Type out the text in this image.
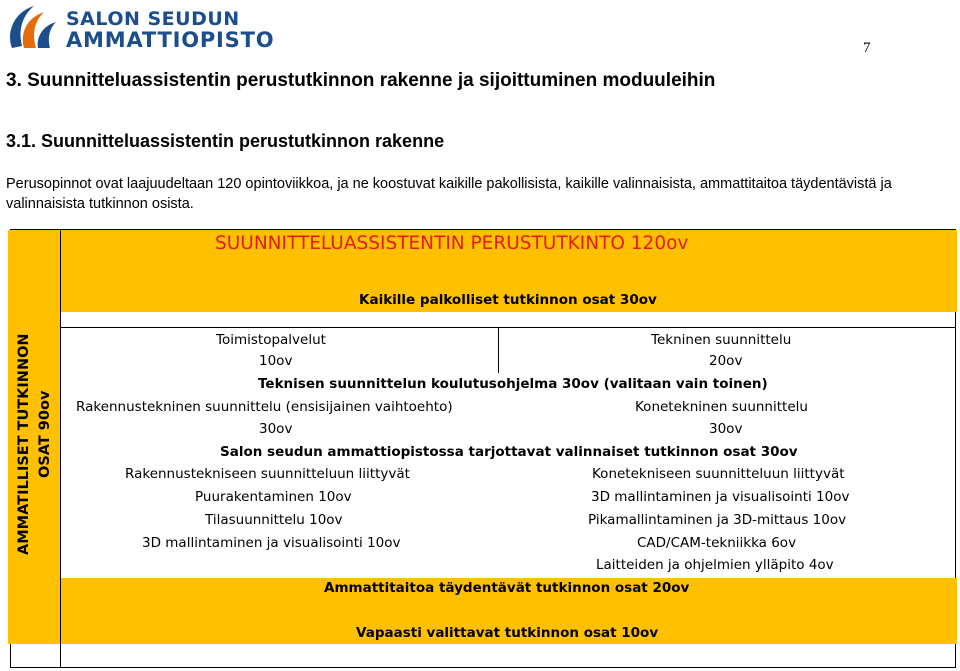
SALON SEUDUN
AMMATTIOPISTO	7
3. Suunnitteluassistentin perustutkinnon rakenne ja sijoittuminen moduuleihin
3.1. Suunnitteluassistentin perustutkinnon rakenne
Perusopinnot ovat laajuudeltaan 120 opintoviikkoa, ja ne koostuvat kaikille pakollisista, kaikille valinnaisista, ammattitaitoa täydentävistä ja valinnaisista tutkinnon osista.
SUUNNITTELUASSISTENTIN PERUSTUTKINTO 120ov
AMMATILLISET TUTKINNON OSAT 90ov
Kaikille palkolliset tutkinnon osat 30ov
Toimistopalvelut
10ov
Tekninen suunnittelu
20ov
Teknisen suunnittelun koulutusohjelma 30ov (valitaan vain toinen)
Rakennustekninen suunnittelu (ensisijainen vaihtoehto)
30ov
Konetekninen suunnittelu
30ov
Salon seudun ammattiopistossa tarjottavat valinnaiset tutkinnon osat 30ov
Rakennustekniseen suunnitteluun liittyvät
Puurakentaminen 10ov
Tilasuunnittelu 10ov
3D mallintaminen ja visualisointi 10ov
Konetekniseen suunnitteluun liittyvät
3D mallintaminen ja visualisointi 10ov
Pikamallintaminen ja 3D-mittaus 10ov
CAD/CAM-tekniikka 6ov
Laitteiden ja ohjelmien ylläpito 4ov
Ammattitaitoa täydentävät tutkinnon osat 20ov
Vapaasti valittavat tutkinnon osat 10ov
